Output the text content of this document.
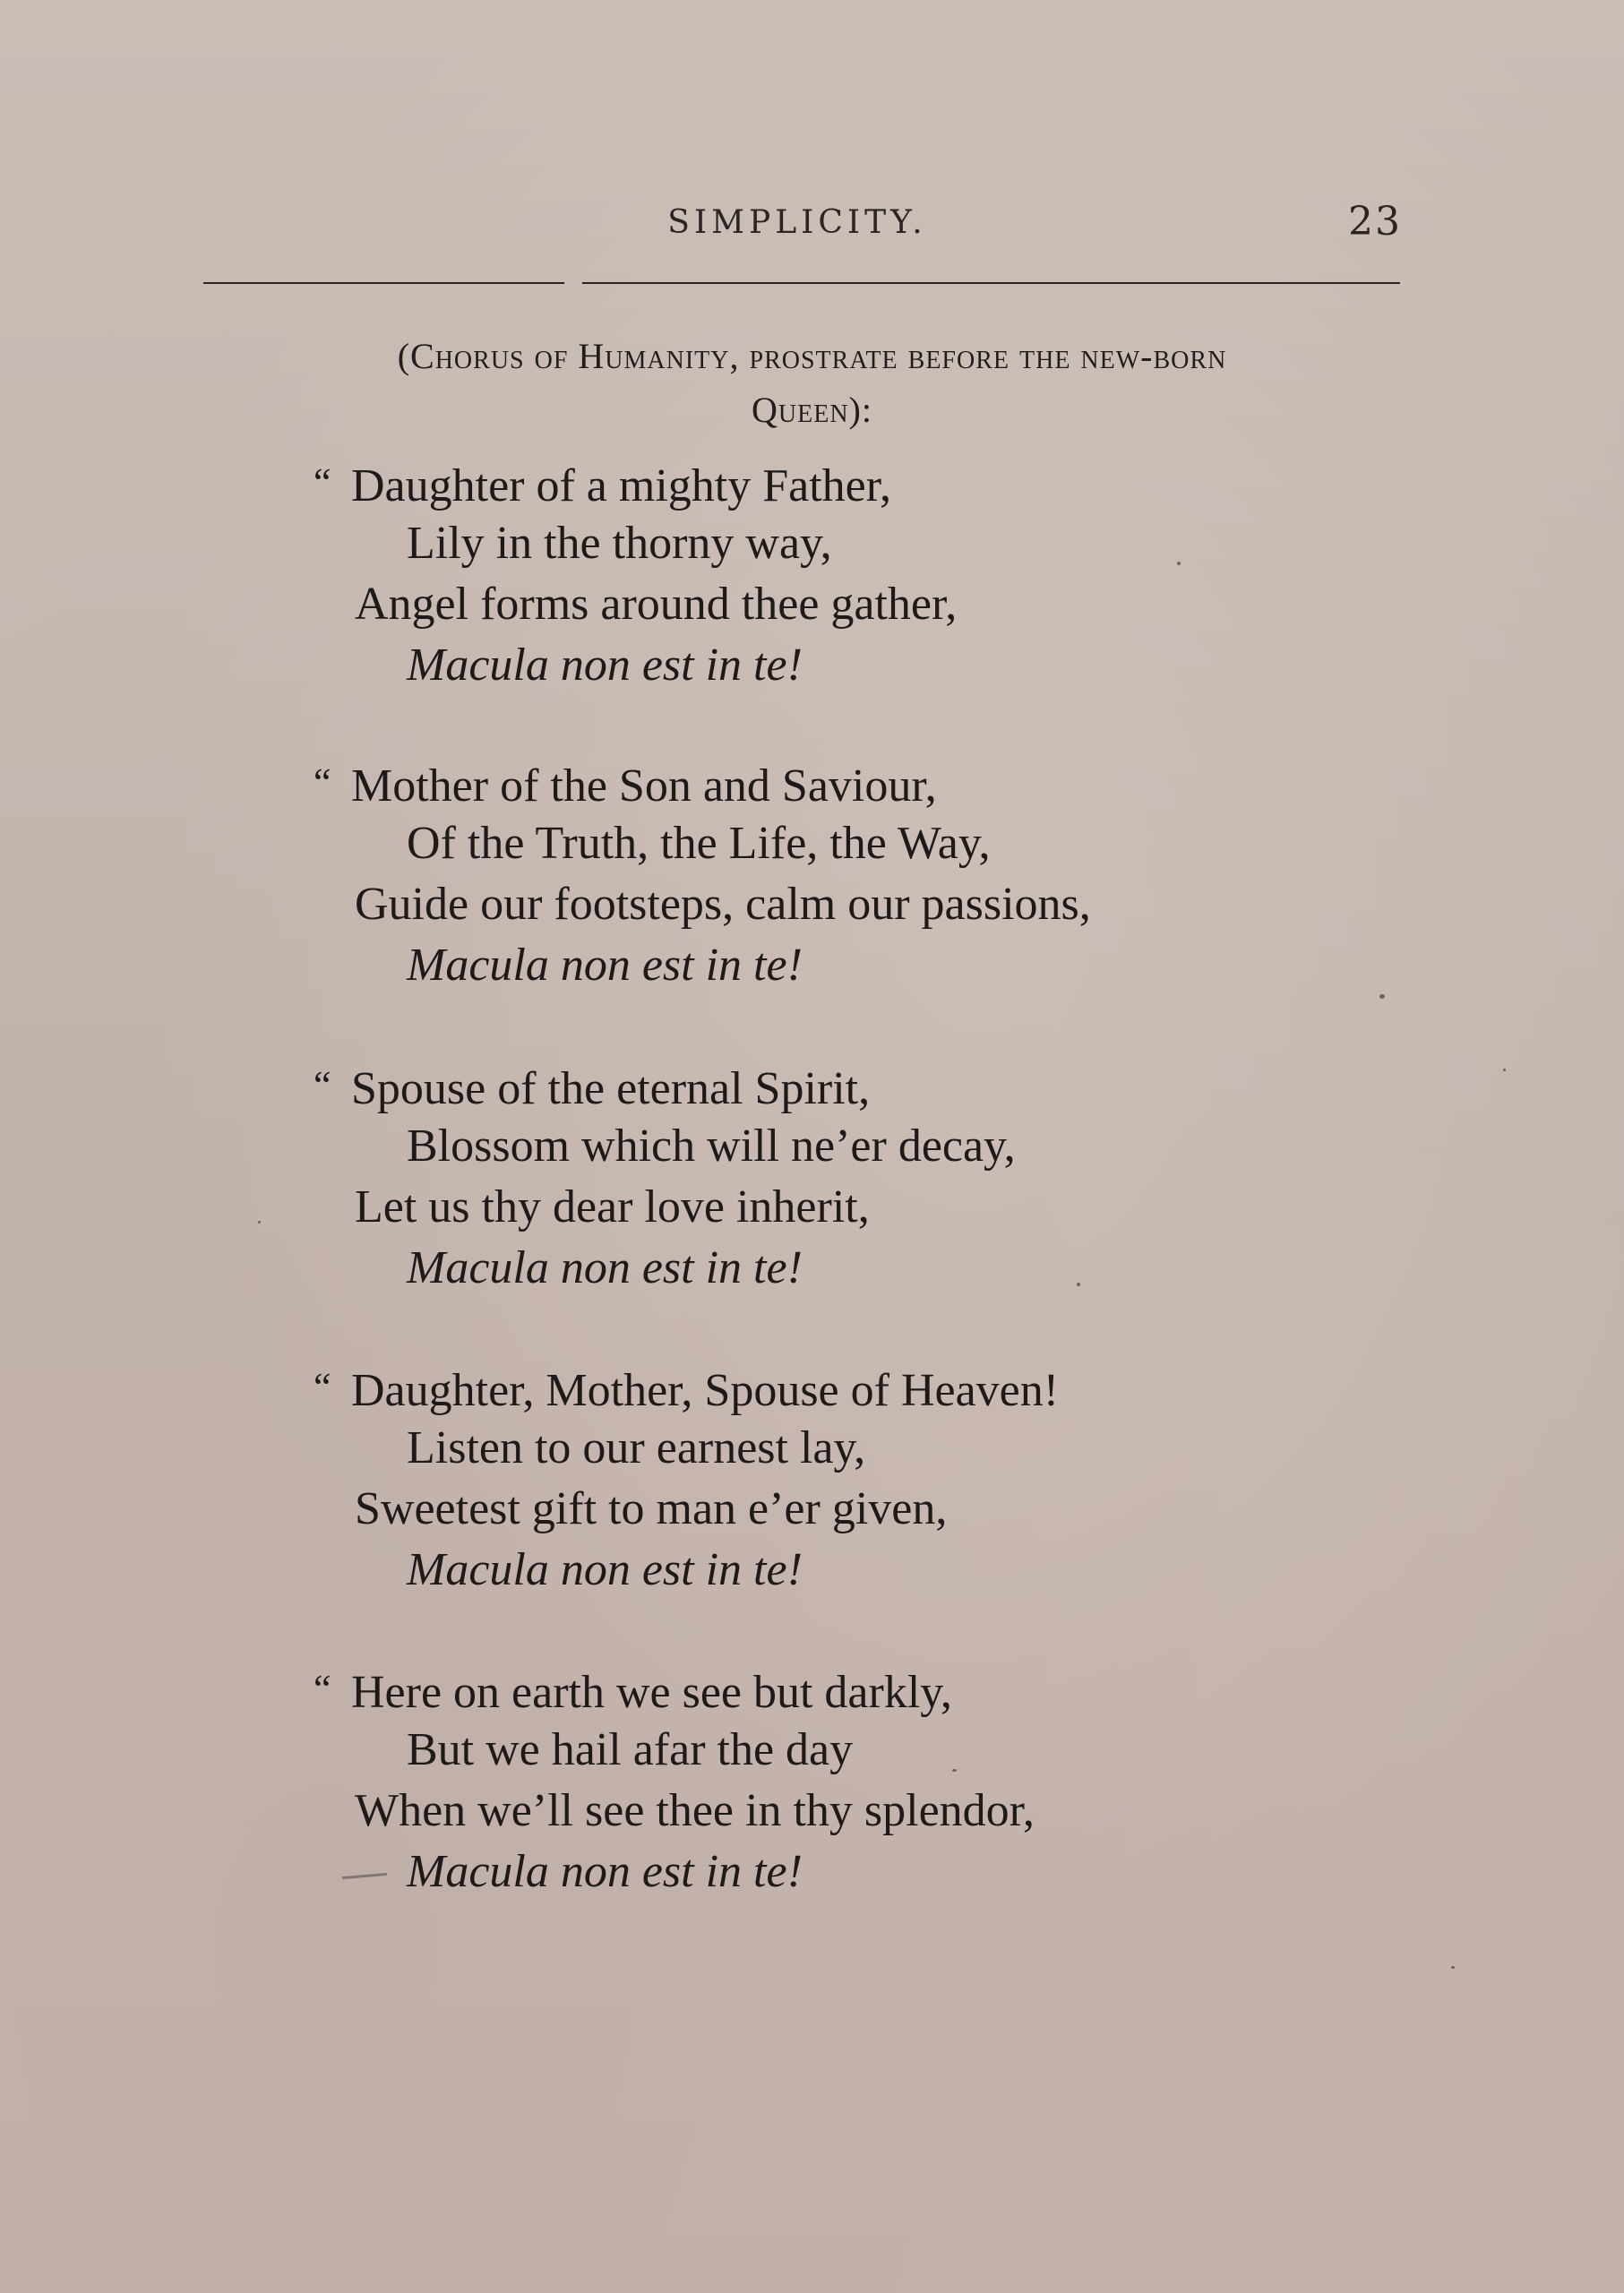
SIMPLICITY.	23
(Chorus of Humanity, prostrate before the new-born
Queen):
“ Daughter of a mighty Father,
Lily in the thorny way,
Angel forms around thee gather,
Macula non est in te!
“ Mother of the Son and Saviour,
Of the Truth, the Life, the Way,
Guide our footsteps, calm our passions,
Macula non est in te!
“ Spouse of the eternal Spirit,
Blossom which will ne’er decay,
Let us thy dear love inherit,
Macula non est in te!
“ Daughter, Mother, Spouse of Heaven!
Listen to our earnest lay,
Sweetest gift to man e’er given,
Macula non est in te!
“ Here on earth we see but darkly,
But we hail afar the day
When we’ll see thee in thy splendor,
Macula non est in te!
